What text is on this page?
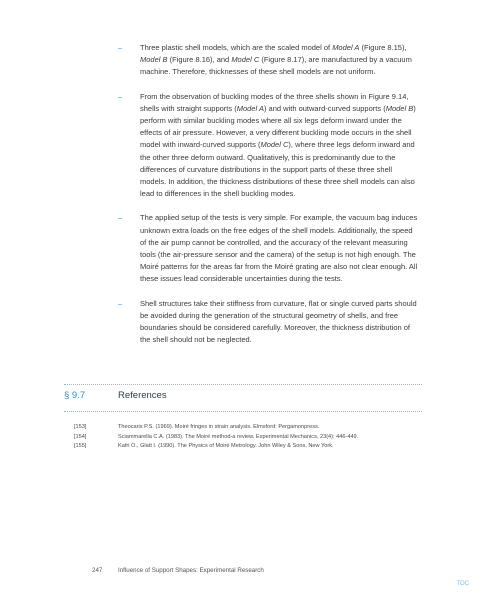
– Three plastic shell models, which are the scaled model of Model A (Figure 8.15), Model B (Figure 8.16), and Model C (Figure 8.17), are manufactured by a vacuum machine. Therefore, thicknesses of these shell models are not uniform.
– From the observation of buckling modes of the three shells shown in Figure 9.14, shells with straight supports (Model A) and with outward-curved supports (Model B) perform with similar buckling modes where all six legs deform inward under the effects of air pressure. However, a very different buckling mode occurs in the shell model with inward-curved supports (Model C), where three legs deform inward and the other three deform outward. Qualitatively, this is predominantly due to the differences of curvature distributions in the support parts of these three shell models. In addition, the thickness distributions of these three shell models can also lead to differences in the shell buckling modes.
– The applied setup of the tests is very simple. For example, the vacuum bag induces unknown extra loads on the free edges of the shell models. Additionally, the speed of the air pump cannot be controlled, and the accuracy of the relevant measuring tools (the air-pressure sensor and the camera) of the setup is not high enough. The Moiré patterns for the areas far from the Moiré grating are also not clear enough. All these issues lead considerable uncertainties during the tests.
– Shell structures take their stiffness from curvature, flat or single curved parts should be avoided during the generation of the structural geometry of shells, and free boundaries should be considered carefully. Moreover, the thickness distribution of the shell should not be neglected.
§ 9.7	References
[153]	Theocaris P.S. (1969). Moiré fringes in strain analysis. Elmsford: Pergamonpress.
[154]	Sciammarella C.A. (1983). The Moiré method-a review. Experimental Mechanics, 23(4): 446-449.
[155]	Kafri O., Glatt I. (1990). The Physics of Moiré Metrology. John Wiley & Sons, New York.
247	Influence of Support Shapes: Experimental Research
TOC
